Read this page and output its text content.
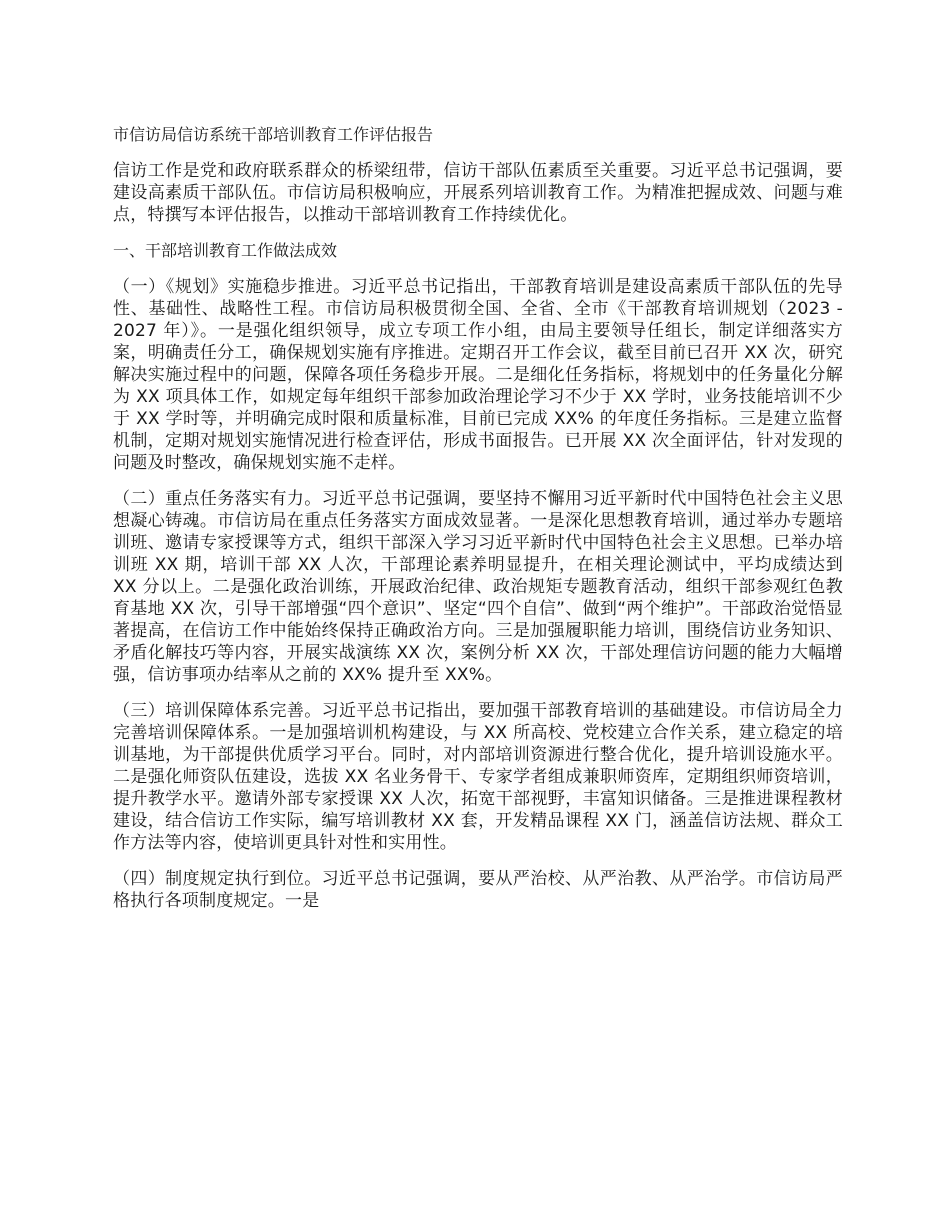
市信访局信访系统干部培训教育工作评估报告

信访工作是党和政府联系群众的桥梁纽带，信访干部队伍素质至关重要。习近平总书记强调，要建设高素质干部队伍。市信访局积极响应，开展系列培训教育工作。为精准把握成效、问题与难点，特撰写本评估报告，以推动干部培训教育工作持续优化。

一、干部培训教育工作做法成效

（一）《规划》实施稳步推进。习近平总书记指出，干部教育培训是建设高素质干部队伍的先导性、基础性、战略性工程。市信访局积极贯彻全国、全省、全市《干部教育培训规划（2023 - 2027 年）》。一是强化组织领导，成立专项工作小组，由局主要领导任组长，制定详细落实方案，明确责任分工，确保规划实施有序推进。定期召开工作会议，截至目前已召开 XX 次，研究解决实施过程中的问题，保障各项任务稳步开展。二是细化任务指标，将规划中的任务量化分解为 XX 项具体工作，如规定每年组织干部参加政治理论学习不少于 XX 学时，业务技能培训不少于 XX 学时等，并明确完成时限和质量标准，目前已完成 XX% 的年度任务指标。三是建立监督机制，定期对规划实施情况进行检查评估，形成书面报告。已开展 XX 次全面评估，针对发现的问题及时整改，确保规划实施不走样。

（二）重点任务落实有力。习近平总书记强调，要坚持不懈用习近平新时代中国特色社会主义思想凝心铸魂。市信访局在重点任务落实方面成效显著。一是深化思想教育培训，通过举办专题培训班、邀请专家授课等方式，组织干部深入学习习近平新时代中国特色社会主义思想。已举办培训班 XX 期，培训干部 XX 人次，干部理论素养明显提升，在相关理论测试中，平均成绩达到 XX 分以上。二是强化政治训练，开展政治纪律、政治规矩专题教育活动，组织干部参观红色教育基地 XX 次，引导干部增强“四个意识”、坚定“四个自信”、做到“两个维护”。干部政治觉悟显著提高，在信访工作中能始终保持正确政治方向。三是加强履职能力培训，围绕信访业务知识、矛盾化解技巧等内容，开展实战演练 XX 次，案例分析 XX 次，干部处理信访问题的能力大幅增强，信访事项办结率从之前的 XX% 提升至 XX%。

（三）培训保障体系完善。习近平总书记指出，要加强干部教育培训的基础建设。市信访局全力完善培训保障体系。一是加强培训机构建设，与 XX 所高校、党校建立合作关系，建立稳定的培训基地，为干部提供优质学习平台。同时，对内部培训资源进行整合优化，提升培训设施水平。二是强化师资队伍建设，选拔 XX 名业务骨干、专家学者组成兼职师资库，定期组织师资培训，提升教学水平。邀请外部专家授课 XX 人次，拓宽干部视野，丰富知识储备。三是推进课程教材建设，结合信访工作实际，编写培训教材 XX 套，开发精品课程 XX 门，涵盖信访法规、群众工作方法等内容，使培训更具针对性和实用性。

（四）制度规定执行到位。习近平总书记强调，要从严治校、从严治教、从严治学。市信访局严格执行各项制度规定。一是
